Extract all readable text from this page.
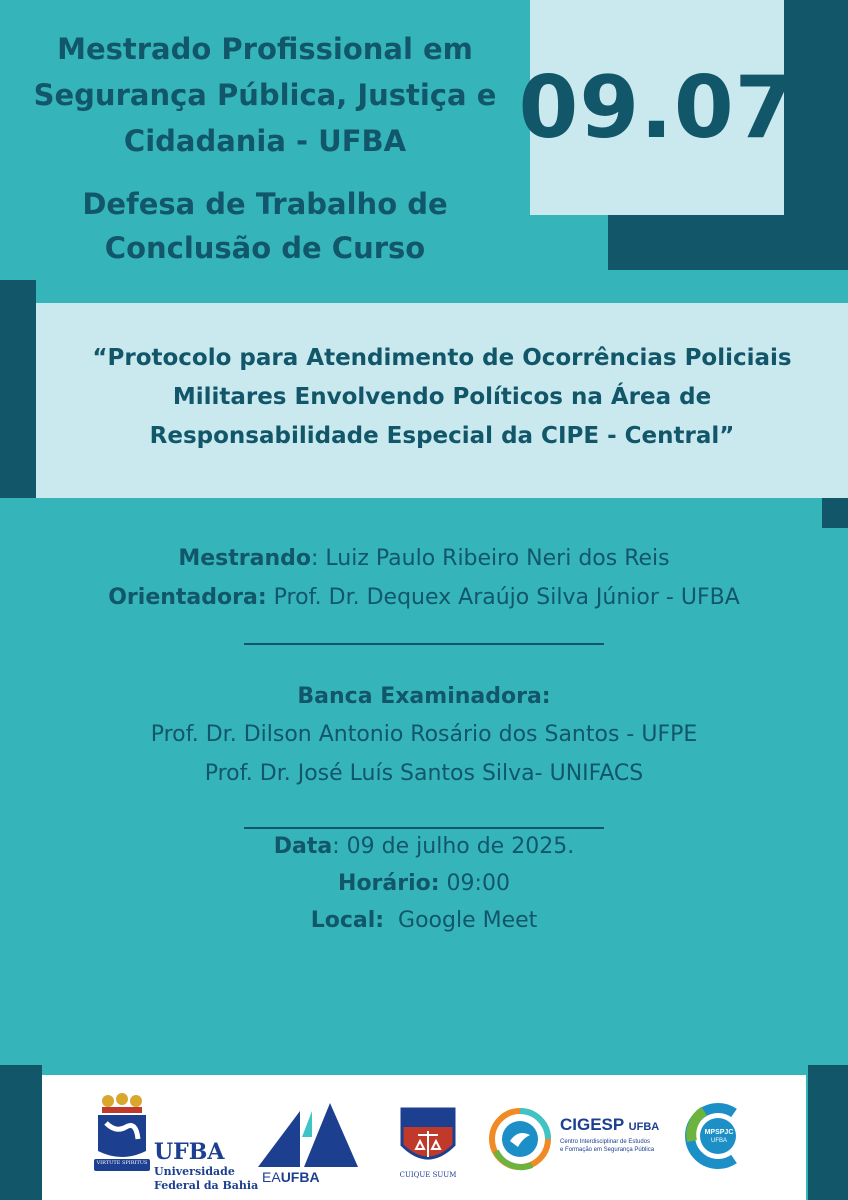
Mestrado Profissional em
Segurança Pública, Justiça e
Cidadania - UFBA
Defesa de Trabalho de
Conclusão de Curso
09.07
“Protocolo para Atendimento de Ocorrências Policiais
Militares Envolvendo Políticos na Área de
Responsabilidade Especial da CIPE - Central”
Mestrando: Luiz Paulo Ribeiro Neri dos Reis
Orientadora: Prof. Dr. Dequex Araújo Silva Júnior - UFBA
Banca Examinadora:
Prof. Dr. Dilson Antonio Rosário dos Santos - UFPE
Prof. Dr. José Luís Santos Silva- UNIFACS
Data: 09 de julho de 2025.
Horário: 09:00
Local:  Google Meet
VIRTUTE SPIRITUS UFBA
Universidade
Federal da Bahia
EAUFBA	CUIQUE SUUM
CIGESP UFBA
Centro Interdisciplinar de Estudos
e Formação em Segurança Pública
MPSPJC
UFBA
